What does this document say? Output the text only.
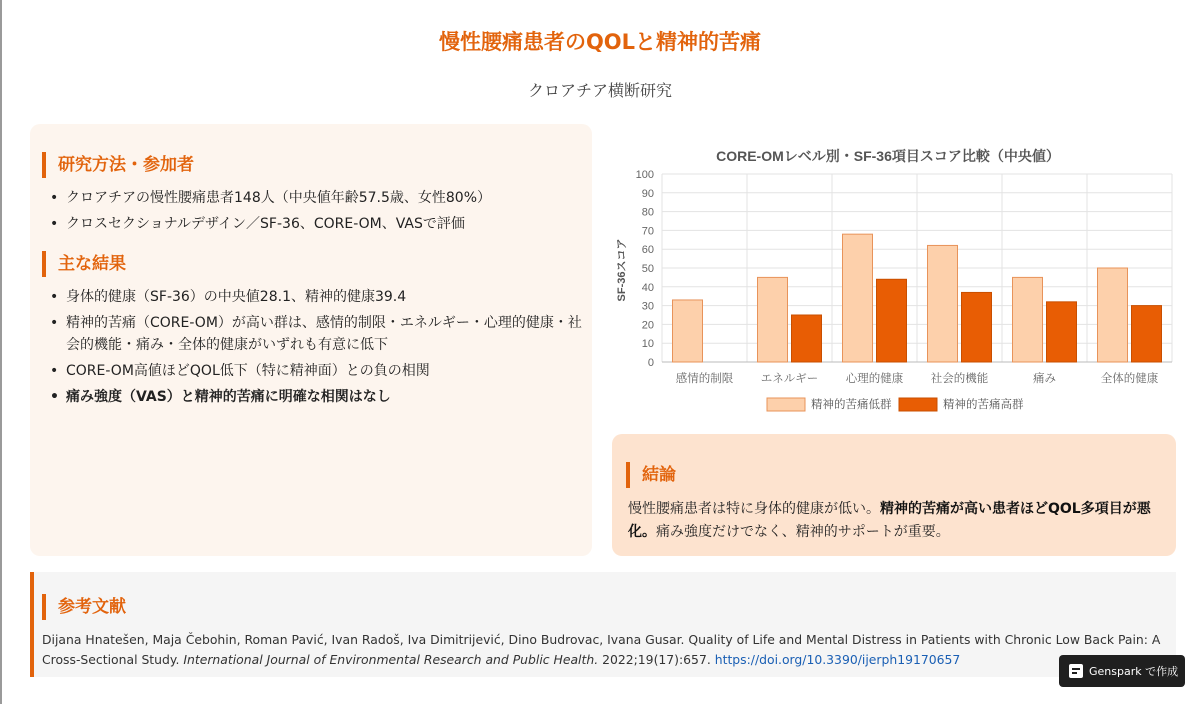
慢性腰痛患者のQOLと精神的苦痛
クロアチア横断研究
研究方法・参加者
• クロアチアの慢性腰痛患者148人（中央値年齢57.5歳、女性80%）
• クロスセクショナルデザイン／SF-36、CORE-OM、VASで評価
主な結果
• 身体的健康（SF-36）の中央値28.1、精神的健康39.4
• 精神的苦痛（CORE-OM）が高い群は、感情的制限・エネルギー・心理的健康・社会的機能・痛み・全体的健康がいずれも有意に低下
• CORE-OM高値ほどQOL低下（特に精神面）との負の相関
• 痛み強度（VAS）と精神的苦痛に明確な相関はなし
CORE-OMレベル別・SF-36項目スコア比較（中央値）
SF-36スコア
0
10
20
30
40
50
60
70
80
90
100
感情的制限 エネルギー 心理的健康 社会的機能	痛み	全体的健康
精神的苦痛低群	精神的苦痛高群
結論

慢性腰痛患者は特に身体的健康が低い。精神的苦痛が高い患者ほどQOL多項目が悪化。痛み強度だけでなく、精神的サポートが重要。

参考文献

Dijana Hnatešen, Maja Čebohin, Roman Pavić, Ivan Radoš, Iva Dimitrijević, Dino Budrovac, Ivana Gusar. Quality of Life and Mental Distress in Patients with Chronic Low Back Pain: A Cross-Sectional Study. International Journal of Environmental Research and Public Health. 2022;19(17):657. https://doi.org/10.3390/ijerph19170657

Genspark で作成
